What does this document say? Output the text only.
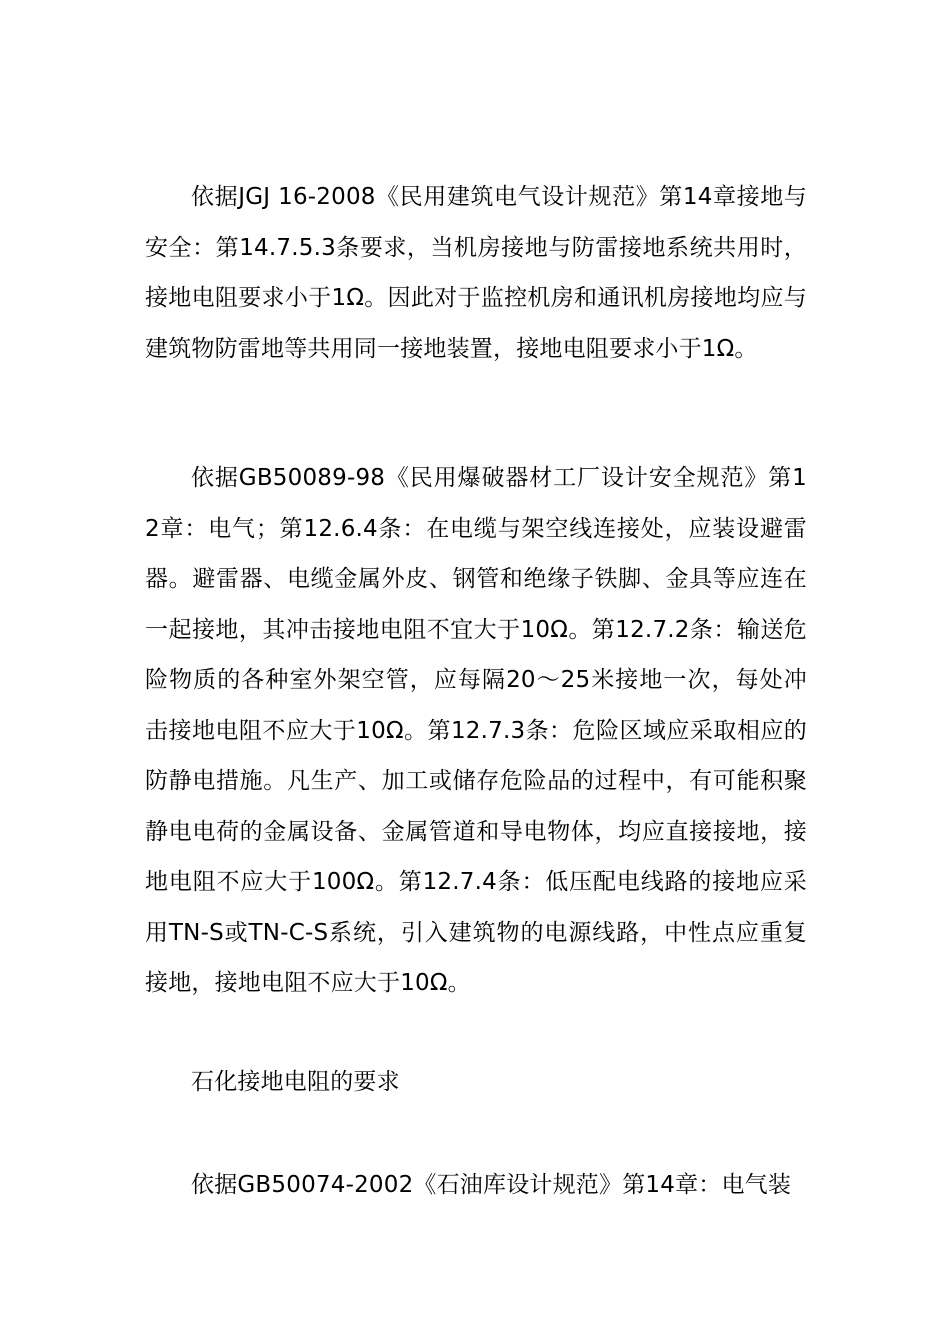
依据JGJ 16-2008《民用建筑电气设计规范》第14章接地与安全：第14.7.5.3条要求，当机房接地与防雷接地系统共用时，接地电阻要求小于1Ω。因此对于监控机房和通讯机房接地均应与建筑物防雷地等共用同一接地装置，接地电阻要求小于1Ω。

依据GB50089-98《民用爆破器材工厂设计安全规范》第12章：电气；第12.6.4条：在电缆与架空线连接处，应装设避雷器。避雷器、电缆金属外皮、钢管和绝缘子铁脚、金具等应连在一起接地，其冲击接地电阻不宜大于10Ω。第12.7.2条：输送危险物质的各种室外架空管，应每隔20～25米接地一次，每处冲击接地电阻不应大于10Ω。第12.7.3条：危险区域应采取相应的防静电措施。凡生产、加工或储存危险品的过程中，有可能积聚静电电荷的金属设备、金属管道和导电物体，均应直接接地，接地电阻不应大于100Ω。第12.7.4条：低压配电线路的接地应采用TN-S或TN-C-S系统，引入建筑物的电源线路，中性点应重复接地，接地电阻不应大于10Ω。

石化接地电阻的要求

依据GB50074-2002《石油库设计规范》第14章：电气装
